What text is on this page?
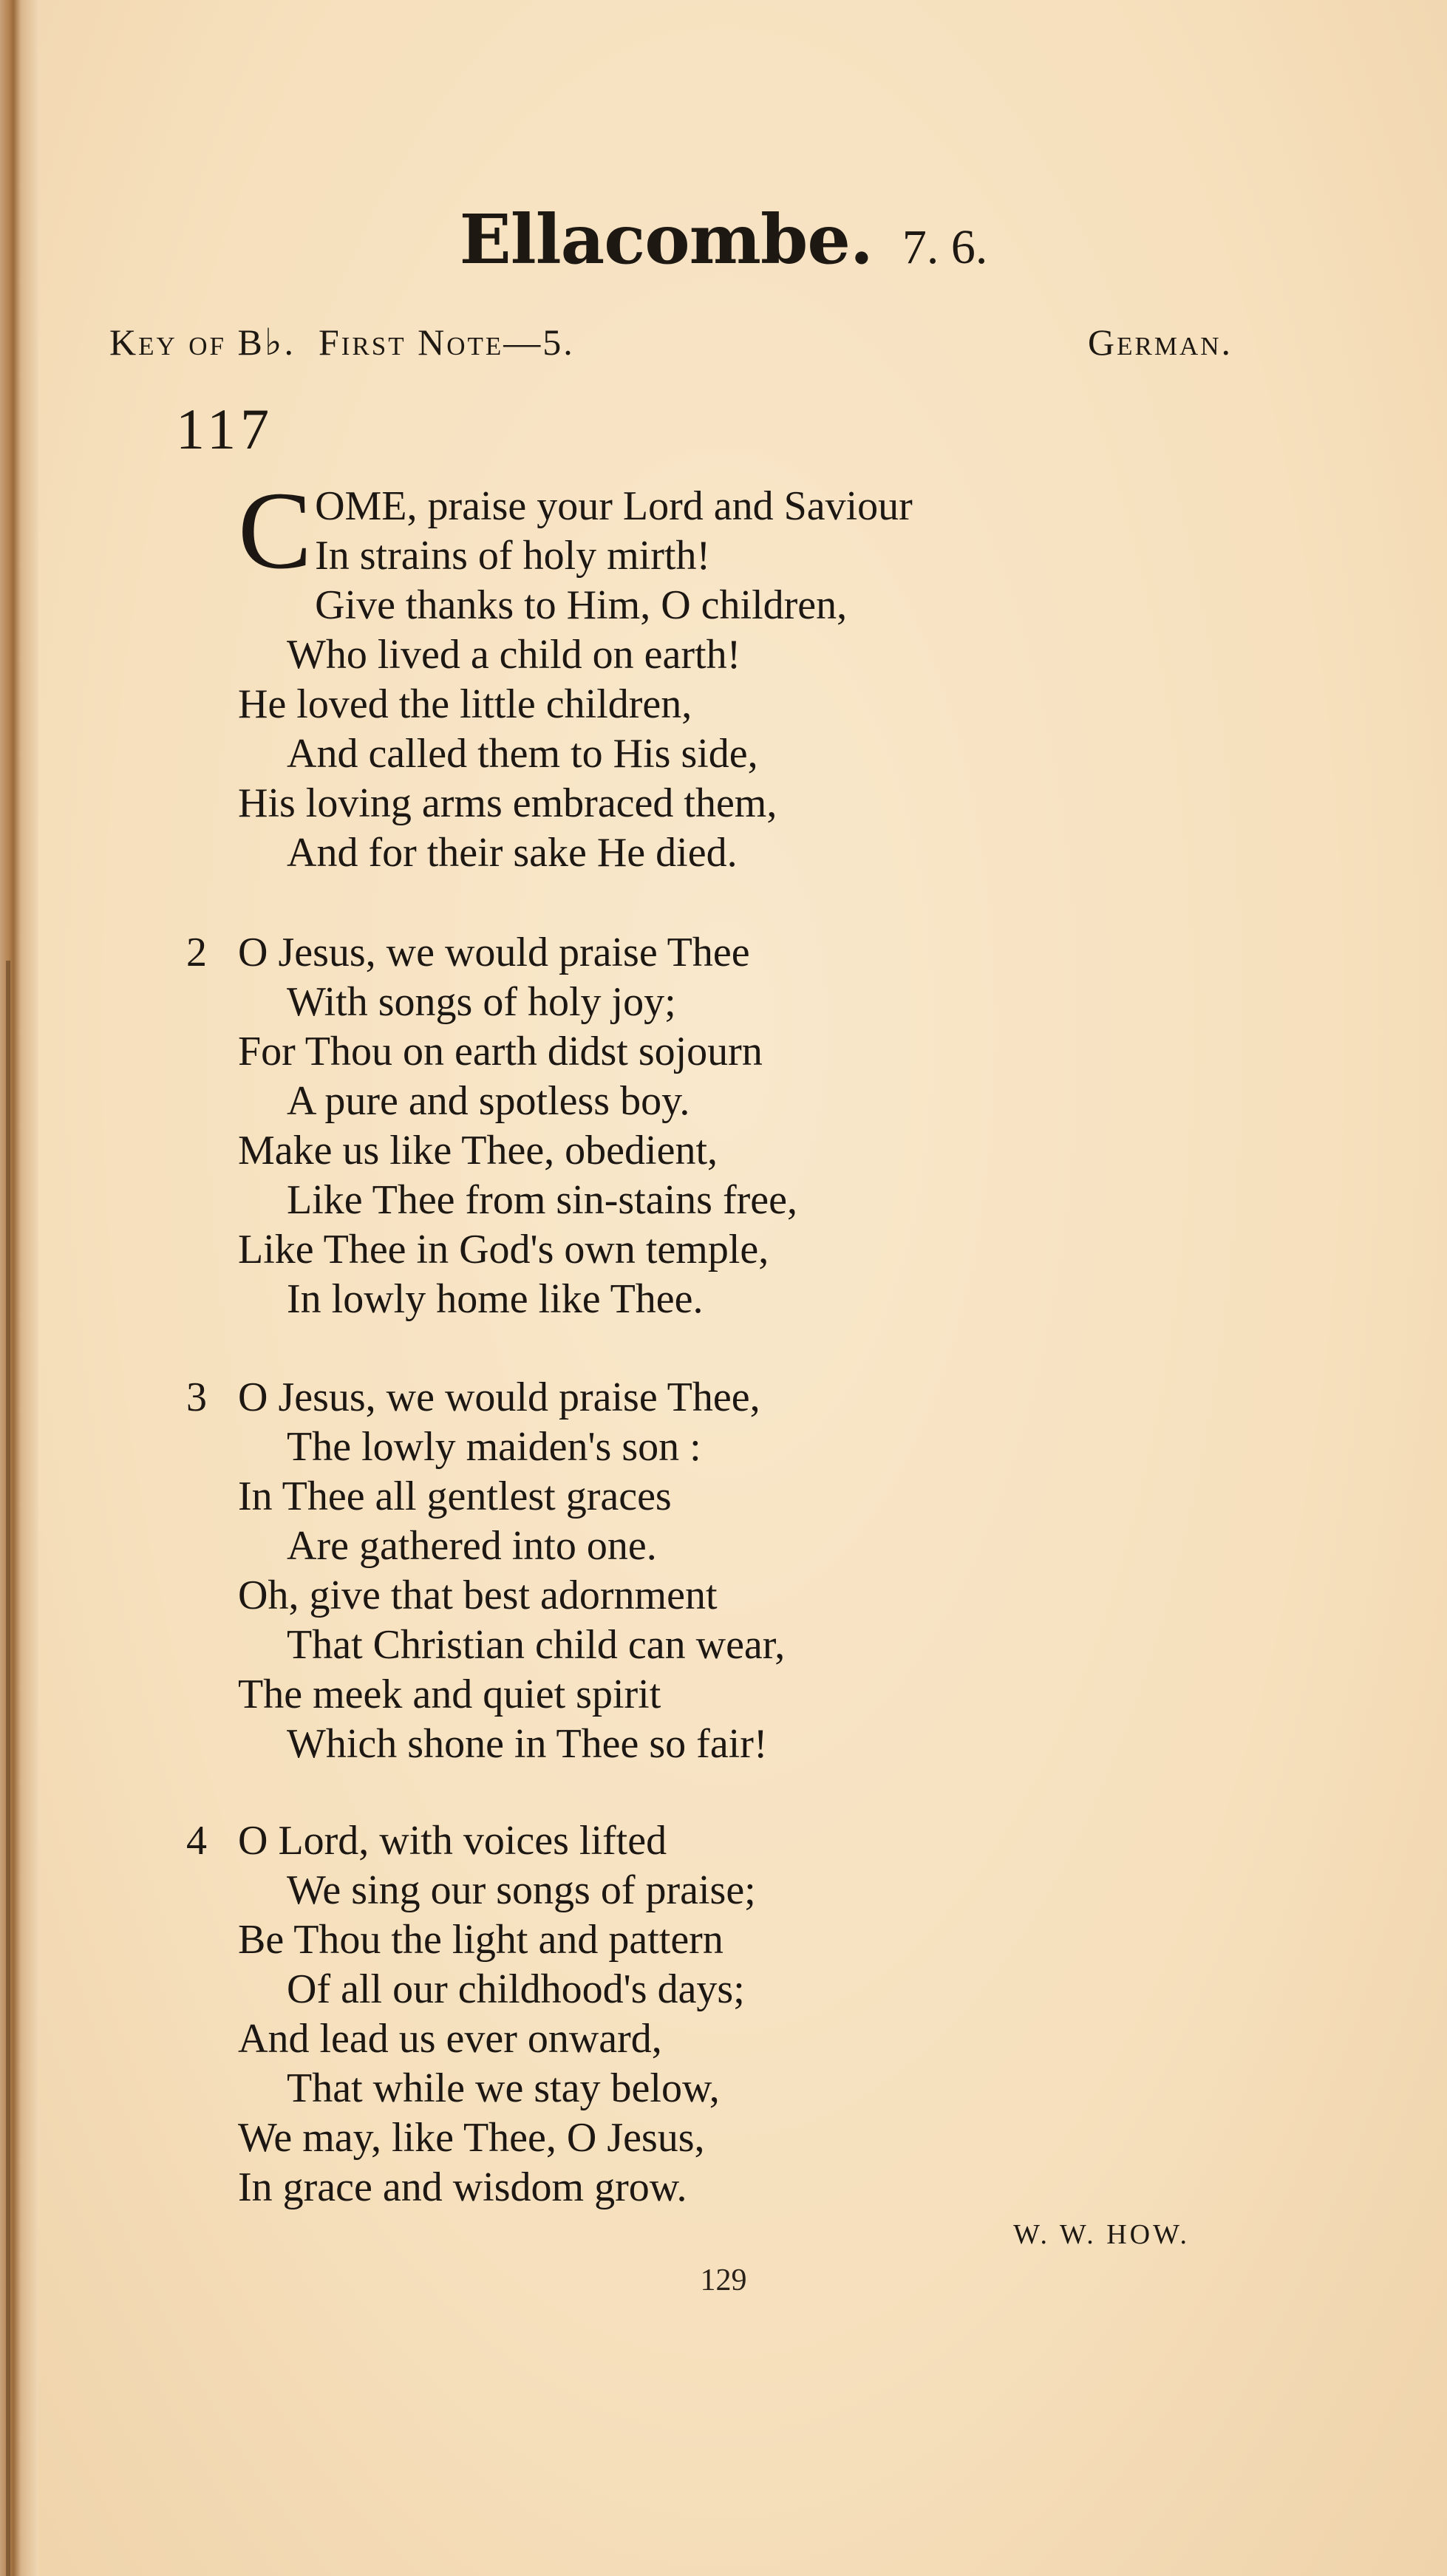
Ellacombe. 7. 6.
Key of B♭. First Note—5.	German.
117
COME, praise your Lord and Saviour
In strains of holy mirth!
Give thanks to Him, O children,
Who lived a child on earth!
He loved the little children,
And called them to His side,
His loving arms embraced them,
And for their sake He died.
2 O Jesus, we would praise Thee
With songs of holy joy;
For Thou on earth didst sojourn
A pure and spotless boy.
Make us like Thee, obedient,
Like Thee from sin-stains free,
Like Thee in God's own temple,
In lowly home like Thee.
3 O Jesus, we would praise Thee,
The lowly maiden's son :
In Thee all gentlest graces
Are gathered into one.
Oh, give that best adornment
That Christian child can wear,
The meek and quiet spirit
Which shone in Thee so fair!
4 O Lord, with voices lifted
We sing our songs of praise;
Be Thou the light and pattern
Of all our childhood's days;
And lead us ever onward,
That while we stay below,
We may, like Thee, O Jesus,
In grace and wisdom grow.
W. W. HOW.
129
